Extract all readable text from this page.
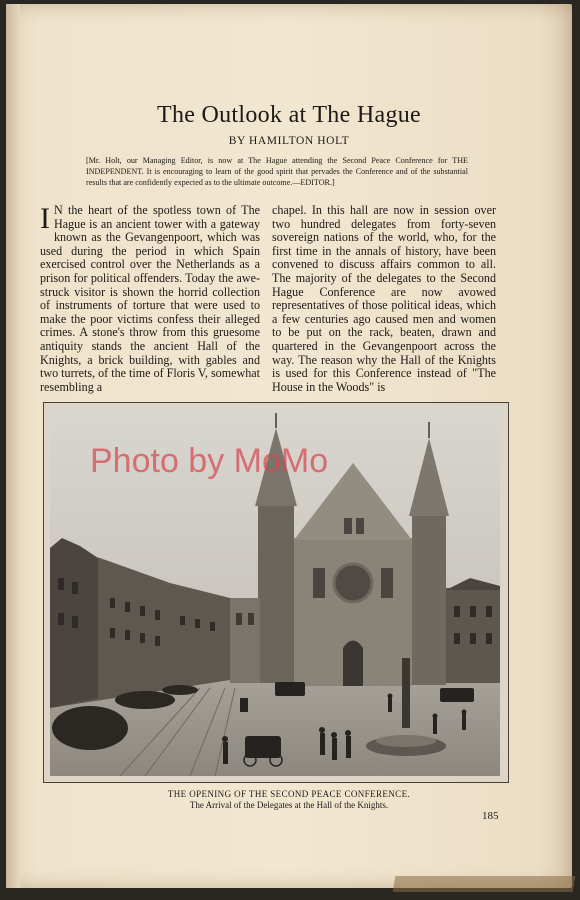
The Outlook at The Hague
BY HAMILTON HOLT
[Mr. Holt, our Managing Editor, is now at The Hague attending the Second Peace Conference for THE INDEPENDENT. It is encouraging to learn of the good spirit that pervades the Conference and of the substantial results that are confidently expected as to the ultimate outcome.—EDITOR.]
I N the heart of the spotless town of The Hague is an ancient tower with a gateway known as the Gevangenpoort, which was used during the period in which Spain exercised control over the Netherlands as a prison for political offenders. Today the awe-struck visitor is shown the horrid collection of instruments of torture that were used to make the poor victims confess their alleged crimes. A stone's throw from this gruesome antiquity stands the ancient Hall of the Knights, a brick building, with gables and two turrets, of the time of Floris V, somewhat resembling a
chapel. In this hall are now in session over two hundred delegates from forty-seven sovereign nations of the world, who, for the first time in the annals of history, have been convened to discuss affairs common to all. The majority of the delegates to the Second Hague Conference are now avowed representatives of those political ideas, which a few centuries ago caused men and women to be put on the rack, beaten, drawn and quartered in the Gevangenpoort across the way. The reason why the Hall of the Knights is used for this Conference instead of "The House in the Woods" is
Photo by MoMo
THE OPENING OF THE SECOND PEACE CONFERENCE.
The Arrival of the Delegates at the Hall of the Knights.
185
